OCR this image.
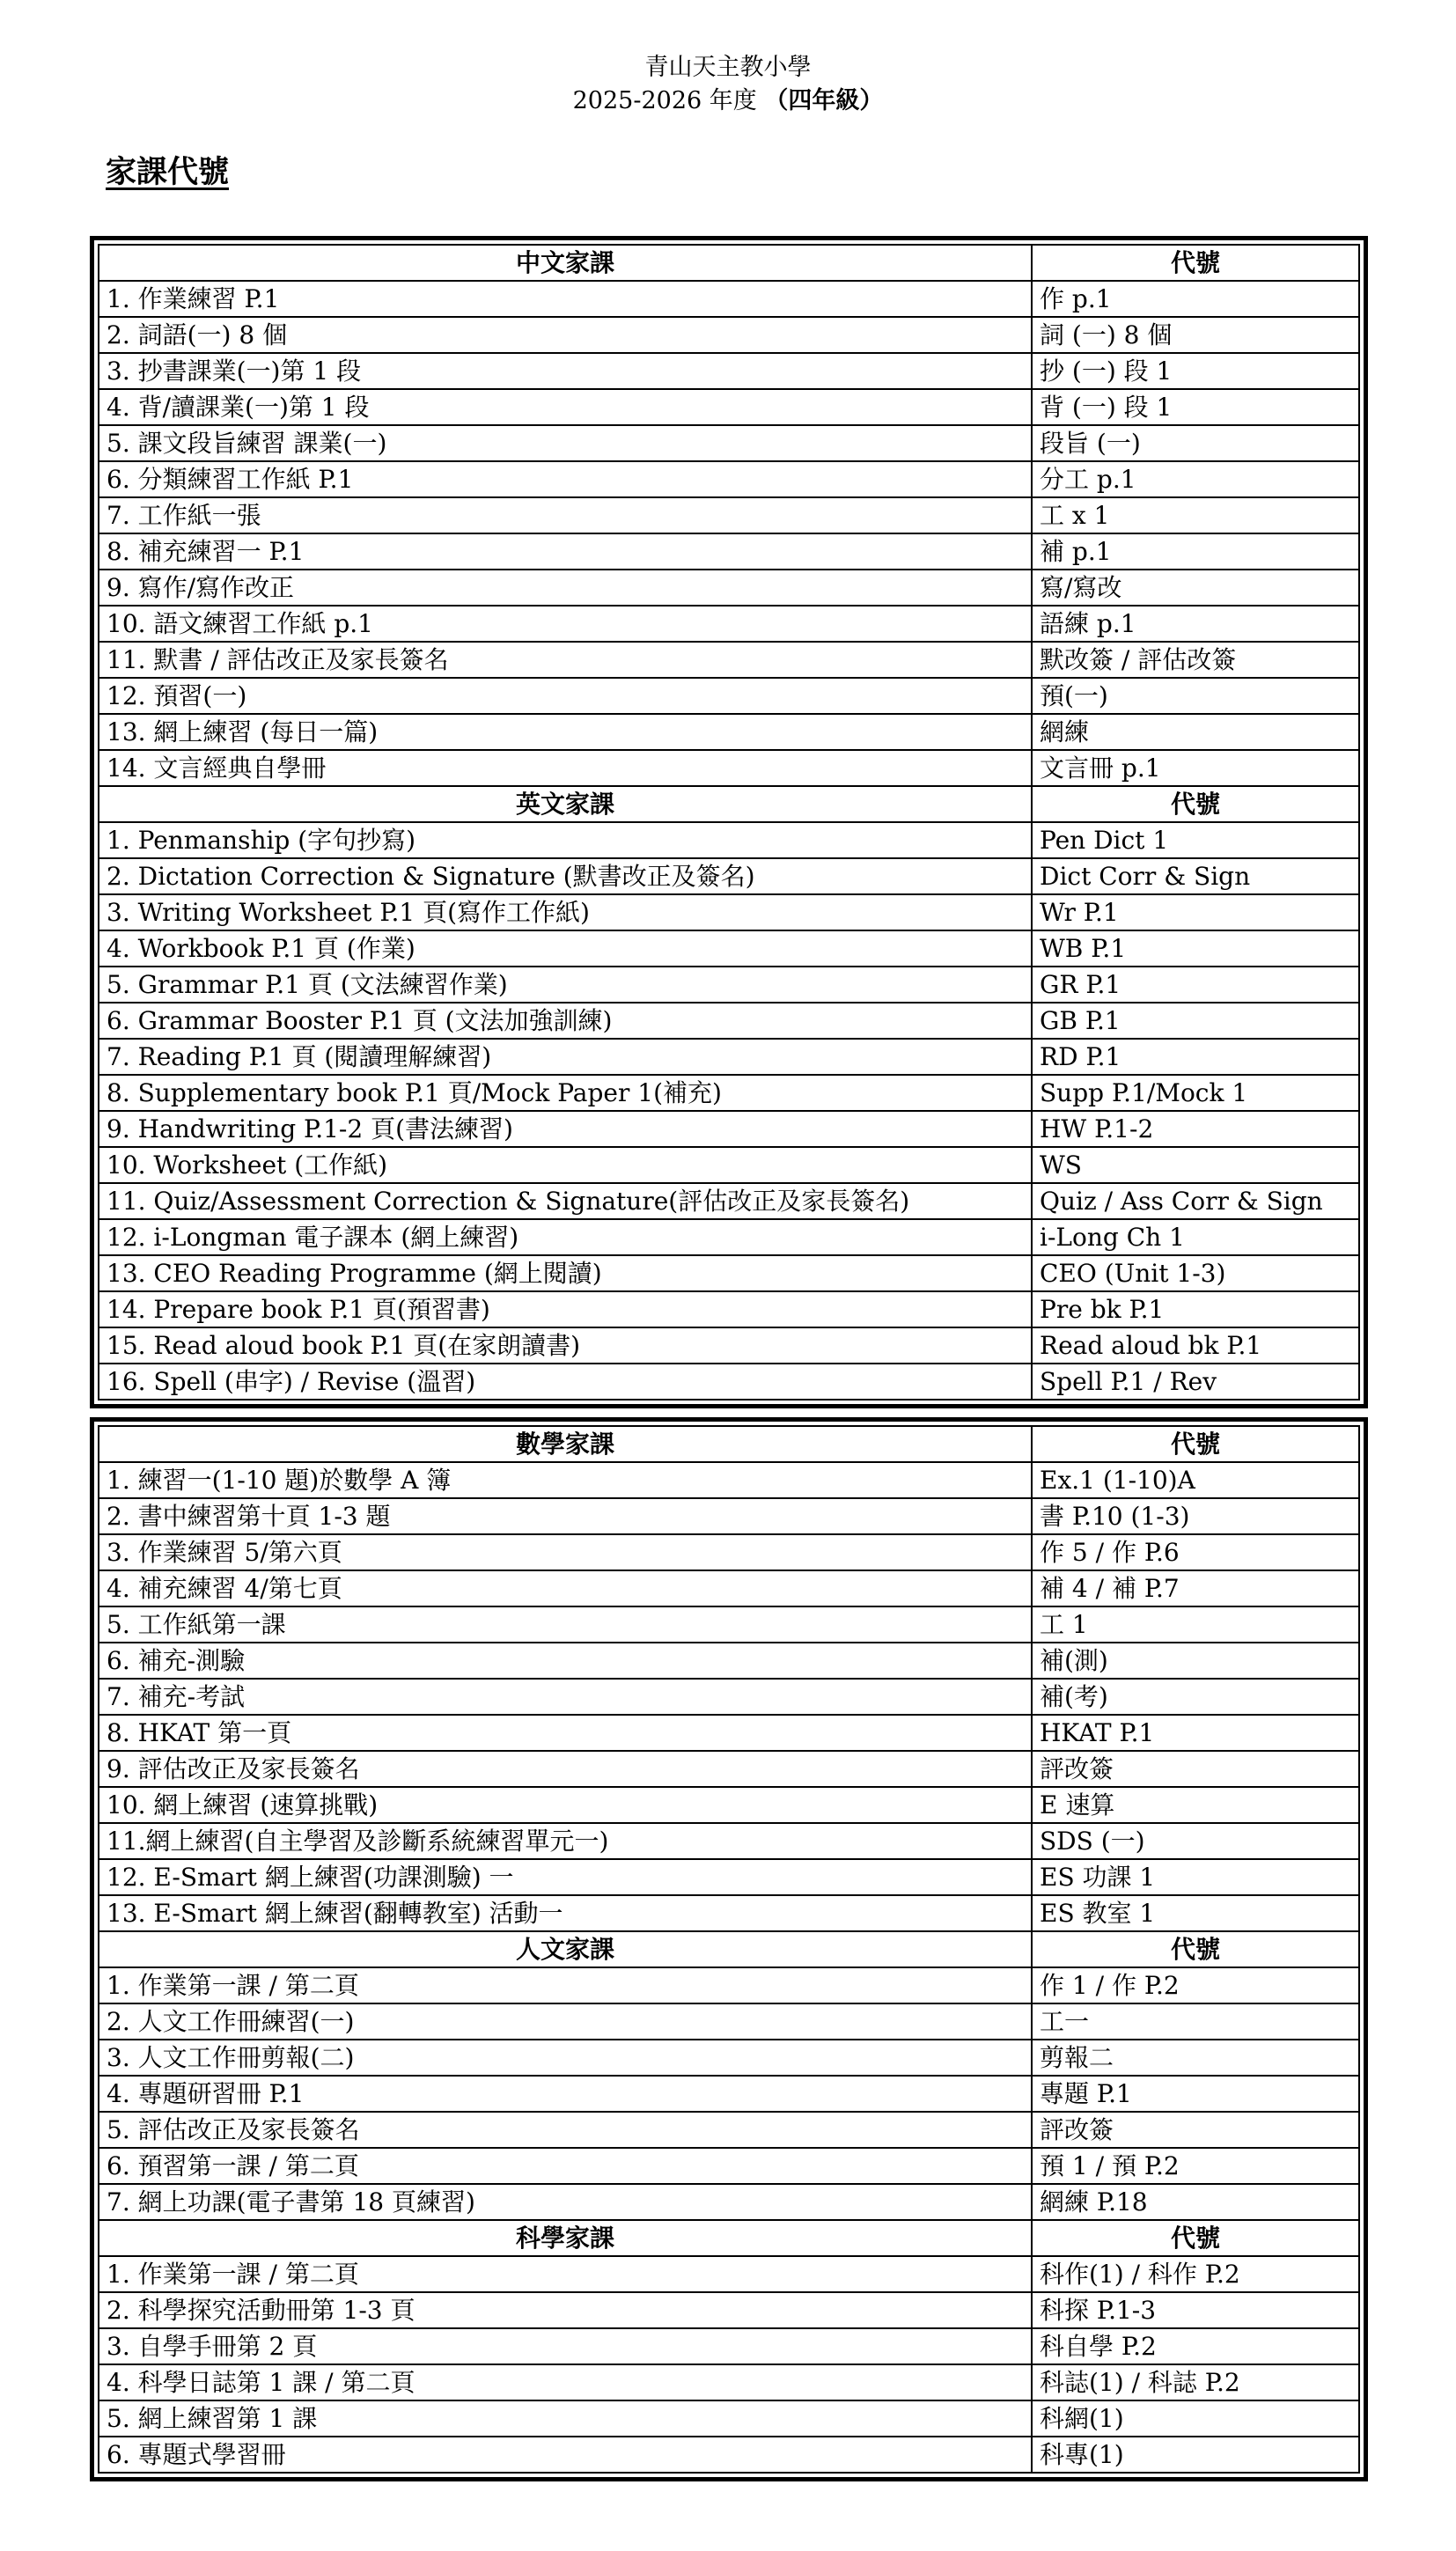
青山天主教小學
2025-2026 年度 （四年級）
家課代號
中文家課	代號
1. 作業練習 P.1	作 p.1
2. 詞語(一) 8 個	詞 (一) 8 個
3. 抄書課業(一)第 1 段	抄 (一) 段 1
4. 背/讀課業(一)第 1 段	背 (一) 段 1
5. 課文段旨練習 課業(一)	段旨 (一)
6. 分類練習工作紙 P.1	分工 p.1
7. 工作紙一張	工 x 1
8. 補充練習一 P.1	補 p.1
9. 寫作/寫作改正	寫/寫改
10. 語文練習工作紙 p.1	語練 p.1
11. 默書 / 評估改正及家長簽名	默改簽 / 評估改簽
12. 預習(一)	預(一)
13. 網上練習 (每日一篇)	網練
14. 文言經典自學冊	文言冊 p.1
英文家課	代號
1. Penmanship (字句抄寫)	Pen Dict 1
2. Dictation Correction & Signature (默書改正及簽名)	Dict Corr & Sign
3. Writing Worksheet P.1 頁(寫作工作紙)	Wr P.1
4. Workbook P.1 頁 (作業)	WB P.1
5. Grammar P.1 頁 (文法練習作業)	GR P.1
6. Grammar Booster P.1 頁 (文法加強訓練)	GB P.1
7. Reading P.1 頁 (閱讀理解練習)	RD P.1
8. Supplementary book P.1 頁/Mock Paper 1(補充)	Supp P.1/Mock 1
9. Handwriting P.1-2 頁(書法練習)	HW P.1-2
10. Worksheet (工作紙)	WS
11. Quiz/Assessment Correction & Signature(評估改正及家長簽名)	Quiz / Ass Corr & Sign
12. i-Longman 電子課本 (網上練習)	i-Long Ch 1
13. CEO Reading Programme (網上閱讀)	CEO (Unit 1-3)
14. Prepare book P.1 頁(預習書)	Pre bk P.1
15. Read aloud book P.1 頁(在家朗讀書)	Read aloud bk P.1
16. Spell (串字) / Revise (溫習)	Spell P.1 / Rev
數學家課	代號
1. 練習一(1-10 題)於數學 A 簿	Ex.1 (1-10)A
2. 書中練習第十頁 1-3 題	書 P.10 (1-3)
3. 作業練習 5/第六頁	作 5 / 作 P.6
4. 補充練習 4/第七頁	補 4 / 補 P.7
5. 工作紙第一課	工 1
6. 補充-測驗	補(測)
7. 補充-考試	補(考)
8. HKAT 第一頁	HKAT P.1
9. 評估改正及家長簽名	評改簽
10. 網上練習 (速算挑戰)	E 速算
11.網上練習(自主學習及診斷系統練習單元一)	SDS (一)
12. E-Smart 網上練習(功課測驗) 一	ES 功課 1
13. E-Smart 網上練習(翻轉教室) 活動一	ES 教室 1
人文家課	代號
1. 作業第一課 / 第二頁	作 1 / 作 P.2
2. 人文工作冊練習(一)	工一
3. 人文工作冊剪報(二)	剪報二
4. 專題研習冊 P.1	專題 P.1
5. 評估改正及家長簽名	評改簽
6. 預習第一課 / 第二頁	預 1 / 預 P.2
7. 網上功課(電子書第 18 頁練習)	網練 P.18
科學家課	代號
1. 作業第一課 / 第二頁	科作(1) / 科作 P.2
2. 科學探究活動冊第 1-3 頁	科探 P.1-3
3. 自學手冊第 2 頁	科自學 P.2
4. 科學日誌第 1 課 / 第二頁	科誌(1) / 科誌 P.2
5. 網上練習第 1 課	科網(1)
6. 專題式學習冊	科專(1)
